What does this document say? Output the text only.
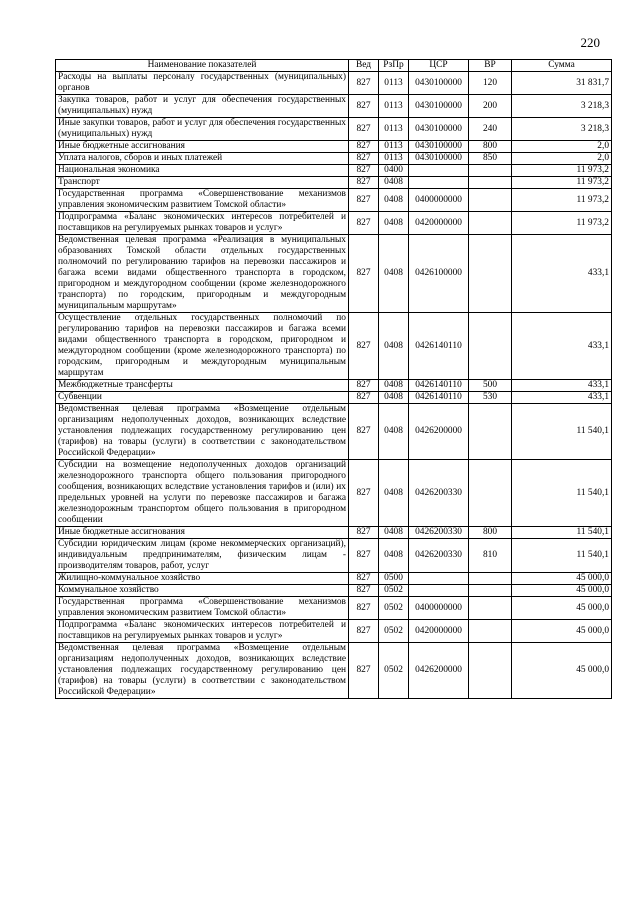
220
Наименование показателей	Вед	РзПр	ЦСР	ВР	Сумма
Расходы на выплаты персоналу государственных (муниципальных) органов	827	0113	0430100000	120	31 831,7
Закупка товаров, работ и услуг для обеспечения государственных (муниципальных) нужд	827	0113	0430100000	200	3 218,3
Иные закупки товаров, работ и услуг для обеспечения государственных (муниципальных) нужд	827	0113	0430100000	240	3 218,3
Иные бюджетные ассигнования	827	0113	0430100000	800	2,0
Уплата налогов, сборов и иных платежей	827	0113	0430100000	850	2,0
Национальная экономика	827	0400			11 973,2
Транспорт	827	0408			11 973,2
Государственная программа «Совершенствование механизмов управления экономическим развитием Томской области»	827	0408	0400000000		11 973,2
Подпрограмма «Баланс экономических интересов потребителей и поставщиков на регулируемых рынках товаров и услуг»	827	0408	0420000000		11 973,2
Ведомственная целевая программа «Реализация в муниципальных образованиях Томской области отдельных государственных полномочий по регулированию тарифов на перевозки пассажиров и багажа всеми видами общественного транспорта в городском, пригородном и междугородном сообщении (кроме железнодорожного транспорта) по городским, пригородным и междугородным муниципальным маршрутам»	827	0408	0426100000		433,1
Осуществление отдельных государственных полномочий по регулированию тарифов на перевозки пассажиров и багажа всеми видами общественного транспорта в городском, пригородном и междугородном сообщении (кроме железнодорожного транспорта) по городским, пригородным и междугородным муниципальным маршрутам	827	0408	0426140110		433,1
Межбюджетные трансферты	827	0408	0426140110	500	433,1
Субвенции	827	0408	0426140110	530	433,1
Ведомственная целевая программа «Возмещение отдельным организациям недополученных доходов, возникающих вследствие установления подлежащих государственному регулированию цен (тарифов) на товары (услуги) в соответствии с законодательством Российской Федерации»	827	0408	0426200000		11 540,1
Субсидии на возмещение недополученных доходов организаций железнодорожного транспорта общего пользования пригородного сообщения, возникающих вследствие установления тарифов и (или) их предельных уровней на услуги по перевозке пассажиров и багажа железнодорожным транспортом общего пользования в пригородном сообщении	827	0408	0426200330		11 540,1
Иные бюджетные ассигнования	827	0408	0426200330	800	11 540,1
Субсидии юридическим лицам (кроме некоммерческих организаций), индивидуальным предпринимателям, физическим лицам - производителям товаров, работ, услуг	827	0408	0426200330	810	11 540,1
Жилищно-коммунальное хозяйство	827	0500			45 000,0
Коммунальное хозяйство	827	0502			45 000,0
Государственная программа «Совершенствование механизмов управления экономическим развитием Томской области»	827	0502	0400000000		45 000,0
Подпрограмма «Баланс экономических интересов потребителей и поставщиков на регулируемых рынках товаров и услуг»	827	0502	0420000000		45 000,0
Ведомственная целевая программа «Возмещение отдельным организациям недополученных доходов, возникающих вследствие установления подлежащих государственному регулированию цен (тарифов) на товары (услуги) в соответствии с законодательством Российской Федерации»	827	0502	0426200000		45 000,0
